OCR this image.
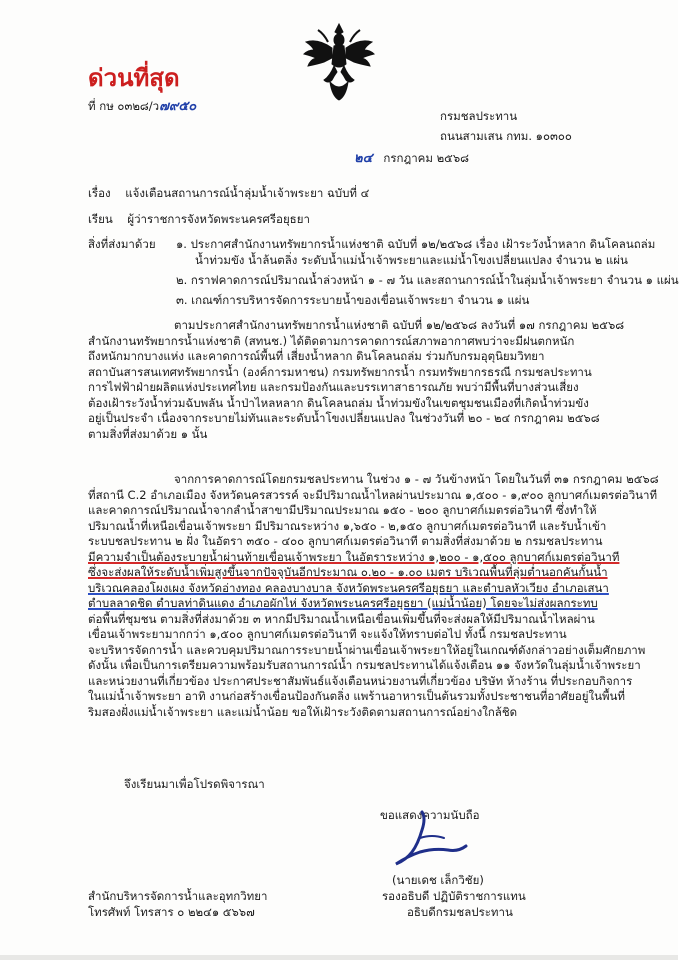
ด่วนที่สุด
ที่ กษ ๐๓๒๘/ว๗๙๕๐
กรมชลประทาน
ถนนสามเสน กทม. ๑๐๓๐๐
๒๔ กรกฎาคม ๒๕๖๘
เรื่อง แจ้งเตือนสถานการณ์น้ำลุ่มน้ำเจ้าพระยา ฉบับที่ ๔
เรียน ผู้ว่าราชการจังหวัดพระนครศรีอยุธยา
สิ่งที่ส่งมาด้วย ๑. ประกาศสำนักงานทรัพยากรน้ำแห่งชาติ ฉบับที่ ๑๒/๒๕๖๘ เรื่อง เฝ้าระวังน้ำหลาก ดินโคลนถล่ม
น้ำท่วมขัง น้ำล้นตลิ่ง ระดับน้ำแม่น้ำเจ้าพระยาและแม่น้ำโขงเปลี่ยนแปลง จำนวน ๒ แผ่น
๒. กราฟคาดการณ์ปริมาณน้ำล่วงหน้า ๑ - ๗ วัน และสถานการณ์น้ำในลุ่มน้ำเจ้าพระยา จำนวน ๑ แผ่น
๓. เกณฑ์การบริหารจัดการระบายน้ำของเขื่อนเจ้าพระยา จำนวน ๑ แผ่น
ตามประกาศสำนักงานทรัพยากรน้ำแห่งชาติ ฉบับที่ ๑๒/๒๕๖๘ ลงวันที่ ๑๗ กรกฎาคม ๒๕๖๘
สำนักงานทรัพยากรน้ำแห่งชาติ (สทนช.) ได้ติดตามการคาดการณ์สภาพอากาศพบว่าจะมีฝนตกหนัก
ถึงหนักมากบางแห่ง และคาดการณ์พื้นที่ เสี่ยงน้ำหลาก ดินโคลนถล่ม ร่วมกับกรมอุตุนิยมวิทยา
สถาบันสารสนเทศทรัพยากรน้ำ (องค์การมหาชน) กรมทรัพยากรน้ำ กรมทรัพยากรธรณี กรมชลประทาน
การไฟฟ้าฝ่ายผลิตแห่งประเทศไทย และกรมป้องกันและบรรเทาสาธารณภัย พบว่ามีพื้นที่บางส่วนเสี่ยง
ต้องเฝ้าระวังน้ำท่วมฉับพลัน น้ำป่าไหลหลาก ดินโคลนถล่ม น้ำท่วมขังในเขตชุมชนเมืองที่เกิดน้ำท่วมขัง
อยู่เป็นประจำ เนื่องจากระบายไม่ทันและระดับน้ำโขงเปลี่ยนแปลง ในช่วงวันที่ ๒๐ - ๒๔ กรกฎาคม ๒๕๖๘
ตามสิ่งที่ส่งมาด้วย ๑ นั้น
จากการคาดการณ์โดยกรมชลประทาน ในช่วง ๑ - ๗ วันข้างหน้า โดยในวันที่ ๓๑ กรกฎาคม ๒๕๖๘
ที่สถานี C.2 อำเภอเมือง จังหวัดนครสวรรค์ จะมีปริมาณน้ำไหลผ่านประมาณ ๑,๕๐๐ - ๑,๙๐๐ ลูกบาศก์เมตรต่อวินาที
และคาดการณ์ปริมาณน้ำจากลำน้ำสาขามีปริมาณประมาณ ๑๕๐ - ๒๐๐ ลูกบาศก์เมตรต่อวินาที ซึ่งทำให้
ปริมาณน้ำที่เหนือเขื่อนเจ้าพระยา มีปริมาณระหว่าง ๑,๖๕๐ - ๒,๑๕๐ ลูกบาศก์เมตรต่อวินาที และรับน้ำเข้า
ระบบชลประทาน ๒ ฝั่ง ในอัตรา ๓๕๐ - ๔๐๐ ลูกบาศก์เมตรต่อวินาที ตามสิ่งที่ส่งมาด้วย ๒ กรมชลประทาน
มีความจำเป็นต้องระบายน้ำผ่านท้ายเขื่อนเจ้าพระยา ในอัตราระหว่าง ๑,๒๐๐ - ๑,๕๐๐ ลูกบาศก์เมตรต่อวินาที
ซึ่งจะส่งผลให้ระดับน้ำเพิ่มสูงขึ้นจากปัจจุบันอีกประมาณ ๐.๒๐ - ๑.๐๐ เมตร บริเวณพื้นที่ลุ่มต่ำนอกคันกั้นน้ำ
บริเวณคลองโผงเผง จังหวัดอ่างทอง คลองบางบาล จังหวัดพระนครศรีอยุธยา และตำบลหัวเวียง อำเภอเสนา
ตำบลลาดชิด ตำบลท่าดินแดง อำเภอผักไห่ จังหวัดพระนครศรีอยุธยา (แม่น้ำน้อย) โดยจะไม่ส่งผลกระทบ
ต่อพื้นที่ชุมชน ตามสิ่งที่ส่งมาด้วย ๓ หากมีปริมาณน้ำเหนือเขื่อนเพิ่มขึ้นที่จะส่งผลให้มีปริมาณน้ำไหลผ่าน
เขื่อนเจ้าพระยามากกว่า ๑,๕๐๐ ลูกบาศก์เมตรต่อวินาที จะแจ้งให้ทราบต่อไป ทั้งนี้ กรมชลประทาน
จะบริหารจัดการน้ำ และควบคุมปริมาณการระบายน้ำผ่านเขื่อนเจ้าพระยาให้อยู่ในเกณฑ์ดังกล่าวอย่างเต็มศักยภาพ
ดังนั้น เพื่อเป็นการเตรียมความพร้อมรับสถานการณ์น้ำ กรมชลประทานได้แจ้งเตือน ๑๑ จังหวัดในลุ่มน้ำเจ้าพระยา
และหน่วยงานที่เกี่ยวข้อง ประกาศประชาสัมพันธ์แจ้งเตือนหน่วยงานที่เกี่ยวข้อง บริษัท ห้างร้าน ที่ประกอบกิจการ
ในแม่น้ำเจ้าพระยา อาทิ งานก่อสร้างเขื่อนป้องกันตลิ่ง แพร้านอาหารเป็นต้นรวมทั้งประชาชนที่อาศัยอยู่ในพื้นที่
ริมสองฝั่งแม่น้ำเจ้าพระยา และแม่น้ำน้อย ขอให้เฝ้าระวังติดตามสถานการณ์อย่างใกล้ชิด
จึงเรียนมาเพื่อโปรดพิจารณา
ขอแสดงความนับถือ
(นายเดช เล็กวิชัย)
รองอธิบดี ปฏิบัติราชการแทน
อธิบดีกรมชลประทาน
สำนักบริหารจัดการน้ำและอุทกวิทยา
โทรศัพท์ โทรสาร ๐ ๒๒๔๑ ๕๖๖๗
